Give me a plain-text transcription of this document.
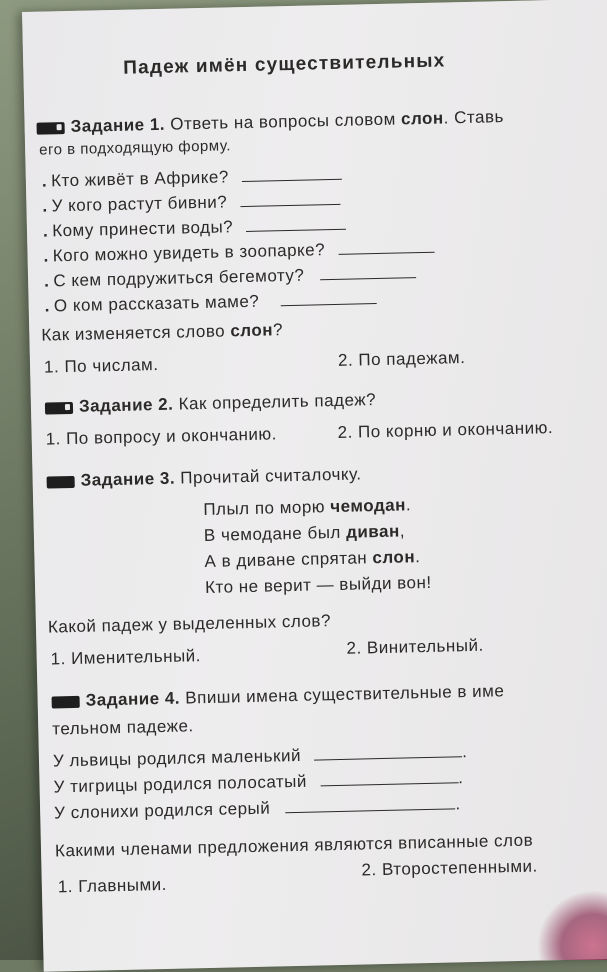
Падеж имён существительных
Задание 1. Ответь на вопросы словом слон. Ставь
его в подходящую форму.
. Кто живёт в Африке?
. У кого растут бивни?
. Кому принести воды?
. Кого можно увидеть в зоопарке?
. С кем подружиться бегемоту?
. О ком рассказать маме?
Как изменяется слово слон?
1. По числам.	2. По падежам.
Задание 2. Как определить падеж?
1. По вопросу и окончанию.	2. По корню и окончанию.
Задание 3. Прочитай считалочку.
Плыл по морю чемодан.
В чемодане был диван,
А в диване спрятан слон.
Кто не верит — выйди вон!
Какой падеж у выделенных слов?
1. Именительный.	2. Винительный.
Задание 4. Впиши имена существительные в име
тельном падеже.
У львицы родился маленький	.
У тигрицы родился полосатый	.
У слонихи родился серый	.
Какими членами предложения являются вписанные слов
1. Главными.
2. Второстепенными.
